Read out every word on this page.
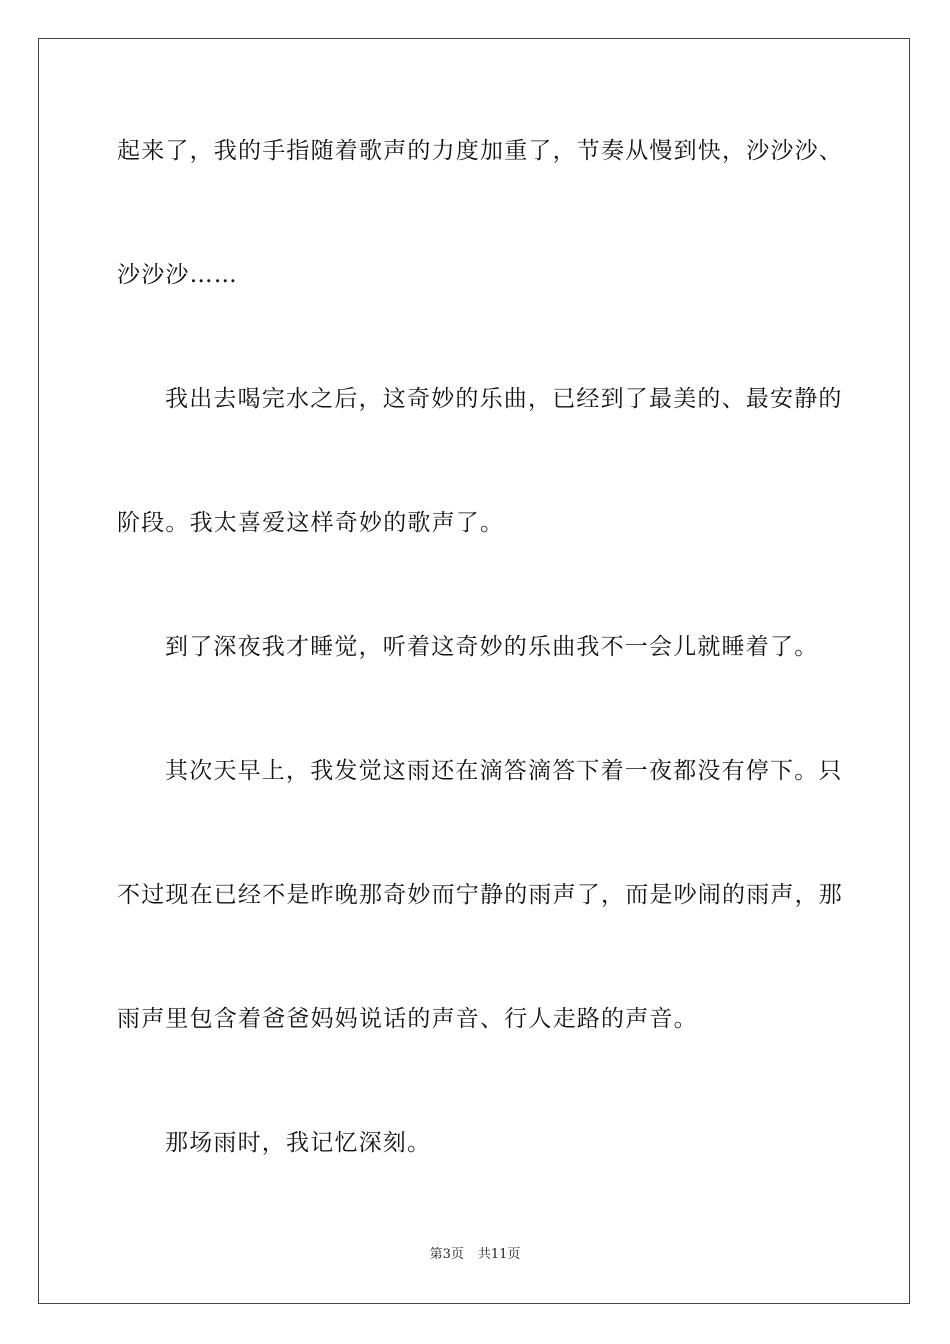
起来了，我的手指随着歌声的力度加重了，节奏从慢到快，沙沙沙、
沙沙沙……
我出去喝完水之后，这奇妙的乐曲，已经到了最美的、最安静的
阶段。我太喜爱这样奇妙的歌声了。
到了深夜我才睡觉，听着这奇妙的乐曲我不一会儿就睡着了。
其次天早上，我发觉这雨还在滴答滴答下着一夜都没有停下。只
不过现在已经不是昨晚那奇妙而宁静的雨声了，而是吵闹的雨声，那
雨声里包含着爸爸妈妈说话的声音、行人走路的声音。
那场雨时，我记忆深刻。
第3页 共11页
